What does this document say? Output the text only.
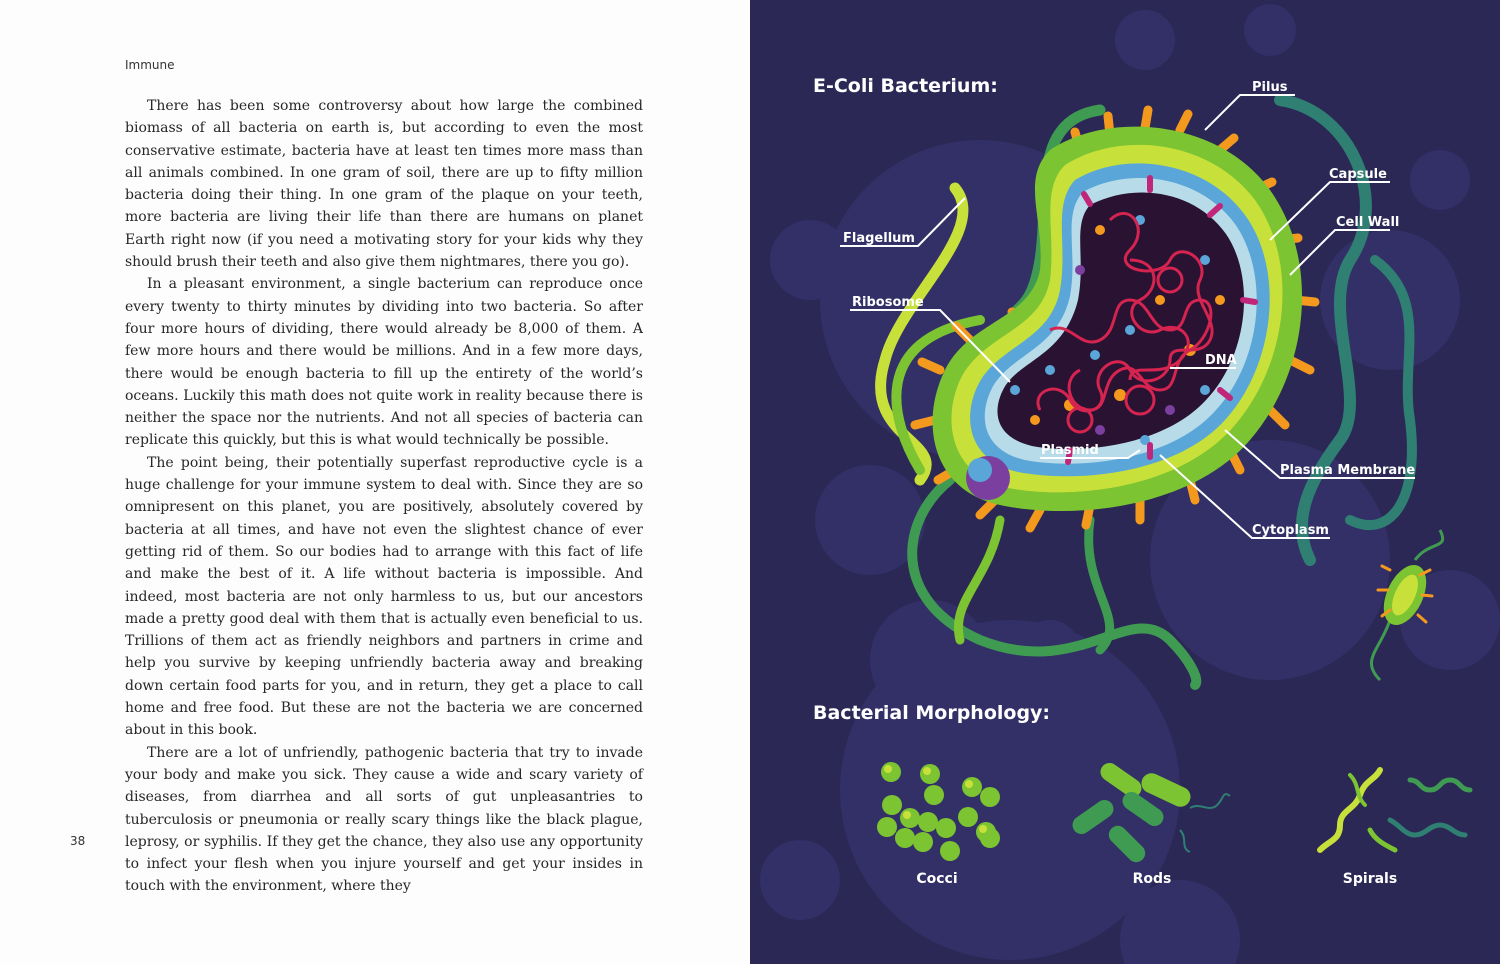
Immune

There has been some controversy about how large the combined biomass of all bacteria on earth is, but according to even the most conservative estimate, bacteria have at least ten times more mass than all animals combined. In one gram of soil, there are up to fifty million bacteria doing their thing. In one gram of the plaque on your teeth, more bacteria are living their life than there are humans on planet Earth right now (if you need a motivating story for your kids why they should brush their teeth and also give them nightmares, there you go).

In a pleasant environment, a single bacterium can reproduce once every twenty to thirty minutes by dividing into two bacteria. So after four more hours of dividing, there would already be 8,000 of them. A few more hours and there would be millions. And in a few more days, there would be enough bacteria to fill up the entirety of the world’s oceans. Luckily this math does not quite work in reality because there is neither the space nor the nutrients. And not all species of bacteria can replicate this quickly, but this is what would technically be possible.

The point being, their potentially superfast reproductive cycle is a huge challenge for your immune system to deal with. Since they are so omnipresent on this planet, you are positively, absolutely covered by bacteria at all times, and have not even the slightest chance of ever getting rid of them. So our bodies had to arrange with this fact of life and make the best of it. A life without bacteria is impossible. And indeed, most bacteria are not only harmless to us, but our ancestors made a pretty good deal with them that is actually even beneficial to us. Trillions of them act as friendly neighbors and partners in crime and help you survive by keeping unfriendly bacteria away and breaking down certain food parts for you, and in return, they get a place to call home and free food. But these are not the bacteria we are concerned about in this book.

There are a lot of unfriendly, pathogenic bacteria that try to invade your body and make you sick. They cause a wide and scary variety of diseases, from diarrhea and all sorts of gut unpleasantries to tuberculosis or pneumonia or really scary things like the black plague, leprosy, or syphilis. If they get the chance, they also use any opportunity to infect your flesh when you injure yourself and get your insides in touch with the environment, where they

38
E-Coli Bacterium:
Bacterial Morphology:
Pilus
Capsule
Cell Wall
Flagellum
Ribosome
DNA
Plasmid
Plasma Membrane
Cytoplasm
Cocci	Rods	Spirals
